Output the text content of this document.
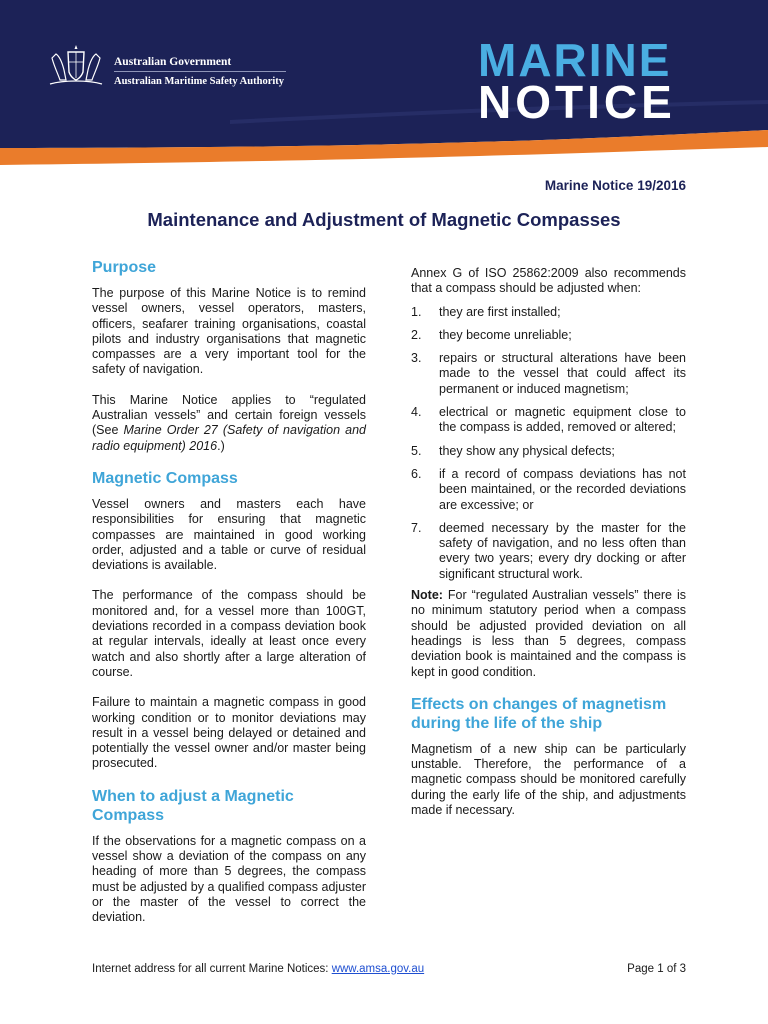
Australian Government
Australian Maritime Safety Authority	MARINE
NOTICE
Marine Notice 19/2016
Maintenance and Adjustment of Magnetic Compasses
Purpose

The purpose of this Marine Notice is to remind vessel owners, vessel operators, masters, officers, seafarer training organisations, coastal pilots and industry organisations that magnetic compasses are a very important tool for the safety of navigation.

This Marine Notice applies to “regulated Australian vessels” and certain foreign vessels (See Marine Order 27 (Safety of navigation and radio equipment) 2016.)

Magnetic Compass

Vessel owners and masters each have responsibilities for ensuring that magnetic compasses are maintained in good working order, adjusted and a table or curve of residual deviations is available.

The performance of the compass should be monitored and, for a vessel more than 100GT, deviations recorded in a compass deviation book at regular intervals, ideally at least once every watch and also shortly after a large alteration of course.

Failure to maintain a magnetic compass in good working condition or to monitor deviations may result in a vessel being delayed or detained and potentially the vessel owner and/or master being prosecuted.

When to adjust a Magnetic Compass

If the observations for a magnetic compass on a vessel show a deviation of the compass on any heading of more than 5 degrees, the compass must be adjusted by a qualified compass adjuster or the master of the vessel to correct the deviation.

Annex G of ISO 25862:2009 also recommends that a compass should be adjusted when:

1. they are first installed;
2. they become unreliable;
3. repairs or structural alterations have been made to the vessel that could affect its permanent or induced magnetism;
4. electrical or magnetic equipment close to the compass is added, removed or altered;
5. they show any physical defects;
6. if a record of compass deviations has not been maintained, or the recorded deviations are excessive; or
7. deemed necessary by the master for the safety of navigation, and no less often than every two years; every dry docking or after significant structural work.

Note: For “regulated Australian vessels” there is no minimum statutory period when a compass should be adjusted provided deviation on all headings is less than 5 degrees, compass deviation book is maintained and the compass is kept in good condition.

Effects on changes of magnetism during the life of the ship

Magnetism of a new ship can be particularly unstable. Therefore, the performance of a magnetic compass should be monitored carefully during the early life of the ship, and adjustments made if necessary.

Internet address for all current Marine Notices: www.amsa.gov.au	Page 1 of 3
